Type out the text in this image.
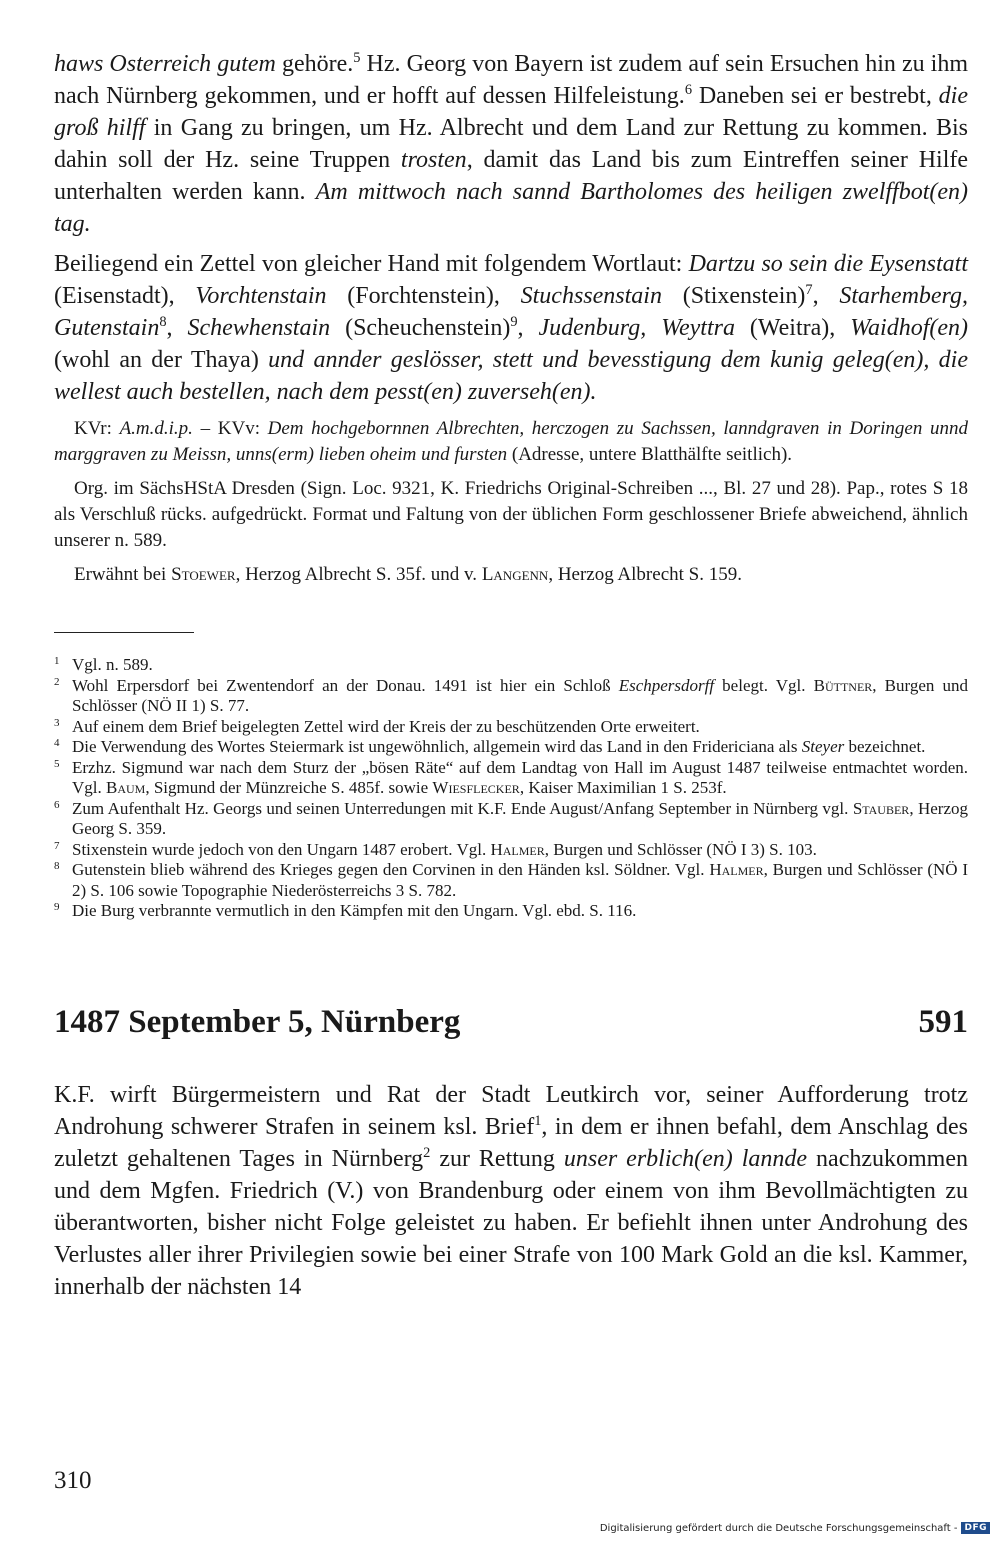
haws Osterreich gutem gehöre.$^5$ Hz. Georg von Bayern ist zudem auf sein Ersuchen hin zu ihm nach Nürnberg gekommen, und er hofft auf dessen Hilfeleistung.$^6$ Daneben sei er bestrebt, die groß hilff in Gang zu bringen, um Hz. Albrecht und dem Land zur Rettung zu kommen. Bis dahin soll der Hz. seine Truppen trosten, damit das Land bis zum Eintreffen seiner Hilfe unterhalten werden kann. Am mittwoch nach sannd Bartholomes des heiligen zwelffbot(en) tag.

Beiliegend ein Zettel von gleicher Hand mit folgendem Wortlaut: Dartzu so sein die Eysenstatt (Eisenstadt), Vorchtenstain (Forchtenstein), Stuchssenstain (Stixenstein)$^7$, Starhemberg, Gutenstain$^8$, Schewhenstain (Scheuchenstein)$^9$, Judenburg, Weyttra (Weitra), Waidhof(en) (wohl an der Thaya) und annder geslösser, stett und bevesstigung dem kunig geleg(en), die wellest auch bestellen, nach dem pesst(en) zuverseh(en).

KVr: A.m.d.i.p. – KVv: Dem hochgebornnen Albrechten, herczogen zu Sachssen, lanndgraven in Doringen unnd marggraven zu Meissn, unns(erm) lieben oheim und fursten (Adresse, untere Blatthälfte seitlich).

Org. im SächsHStA Dresden (Sign. Loc. 9321, K. Friedrichs Original-Schreiben ..., Bl. 27 und 28). Pap., rotes S 18 als Verschluß rücks. aufgedrückt. Format und Faltung von der üblichen Form geschlossener Briefe abweichend, ähnlich unserer n. 589.

Erwähnt bei Stoewer, Herzog Albrecht S. 35f. und v. Langenn, Herzog Albrecht S. 159.

1 Vgl. n. 589.
2 Wohl Erpersdorf bei Zwentendorf an der Donau. 1491 ist hier ein Schloß Eschpersdorff belegt. Vgl. Büttner, Burgen und Schlösser (NÖ II 1) S. 77.
3 Auf einem dem Brief beigelegten Zettel wird der Kreis der zu beschützenden Orte erweitert.
4 Die Verwendung des Wortes Steiermark ist ungewöhnlich, allgemein wird das Land in den Fridericiana als Steyer bezeichnet.
5 Erzhz. Sigmund war nach dem Sturz der „bösen Räte“ auf dem Landtag von Hall im August 1487 teilweise entmachtet worden. Vgl. Baum, Sigmund der Münzreiche S. 485f. sowie Wiesflecker, Kaiser Maximilian 1 S. 253f.
6 Zum Aufenthalt Hz. Georgs und seinen Unterredungen mit K.F. Ende August/Anfang September in Nürnberg vgl. Stauber, Herzog Georg S. 359.
7 Stixenstein wurde jedoch von den Ungarn 1487 erobert. Vgl. Halmer, Burgen und Schlösser (NÖ I 3) S. 103.
8 Gutenstein blieb während des Krieges gegen den Corvinen in den Händen ksl. Söldner. Vgl. Halmer, Burgen und Schlösser (NÖ I 2) S. 106 sowie Topographie Niederösterreichs 3 S. 782.
9 Die Burg verbrannte vermutlich in den Kämpfen mit den Ungarn. Vgl. ebd. S. 116.
1487 September 5, Nürnberg	591

K.F. wirft Bürgermeistern und Rat der Stadt Leutkirch vor, seiner Aufforderung trotz Androhung schwerer Strafen in seinem ksl. Brief$^1$, in dem er ihnen befahl, dem Anschlag des zuletzt gehaltenen Tages in Nürnberg$^2$ zur Rettung unser erblich(en) lannde nachzukommen und dem Mgfen. Friedrich (V.) von Brandenburg oder einem von ihm Bevollmächtigten zu überantworten, bisher nicht Folge geleistet zu haben. Er befiehlt ihnen unter Androhung des Verlustes aller ihrer Privilegien sowie bei einer Strafe von 100 Mark Gold an die ksl. Kammer, innerhalb der nächsten 14

310
Digitalisierung gefördert durch die Deutsche Forschungsgemeinschaft - DFG
